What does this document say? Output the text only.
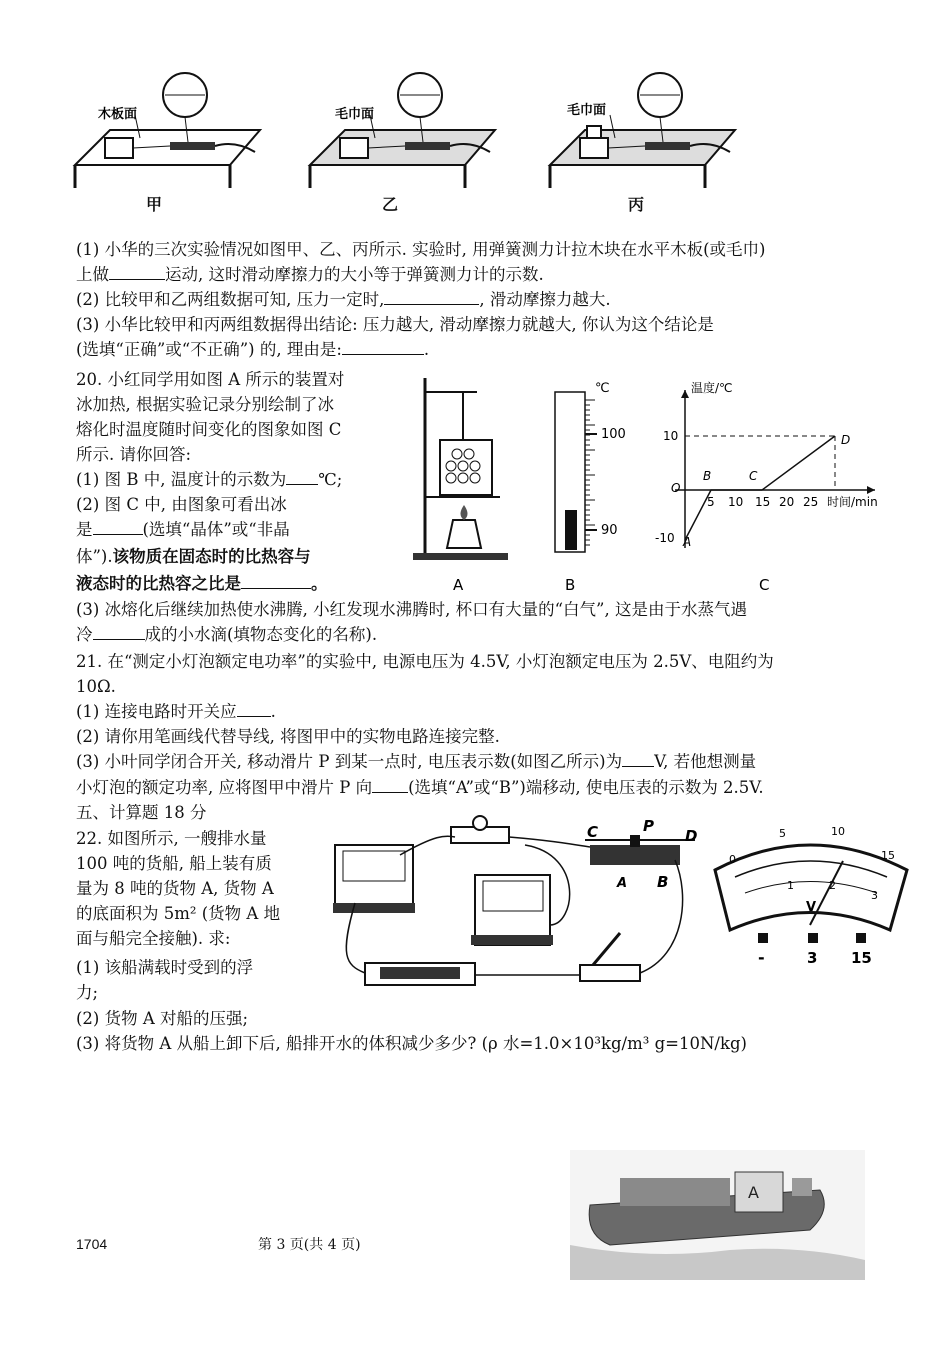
木板面	毛巾面	毛巾面
甲	乙	丙
(1) 小华的三次实验情况如图甲、乙、丙所示. 实验时, 用弹簧测力计拉木块在水平木板(或毛巾)
上做	运动, 这时滑动摩擦力的大小等于弹簧测力计的示数.
(2) 比较甲和乙两组数据可知, 压力一定时,	, 滑动摩擦力越大.
(3) 小华比较甲和丙两组数据得出结论: 压力越大, 滑动摩擦力就越大, 你认为这个结论是
(选填“正确”或“不正确”) 的, 理由是:	.
20. 小红同学用如图 A 所示的装置对
冰加热, 根据实验记录分别绘制了冰
熔化时温度随时间变化的图象如图 C
所示. 请你回答:
(1) 图 B 中, 温度计的示数为 ℃;
(2) 图 C 中, 由图象可看出冰
是	(选填“晶体”或“非晶
体”).该物质在固态时的比热容与
液态时的比热容之比是	。	A
℃
100
90
B
温度/℃
时间/min
10
-10
O
5 10 15 20 25
A
B	C
D
C
(3) 冰熔化后继续加热使水沸腾, 小红发现水沸腾时, 杯口有大量的“白气”, 这是由于水蒸气遇
冷	成的小水滴(填物态变化的名称).
21. 在“测定小灯泡额定电功率”的实验中, 电源电压为 4.5V, 小灯泡额定电压为 2.5V、电阻约为
10Ω.
(1) 连接电路时开关应 .
(2) 请你用笔画线代替导线, 将图甲中的实物电路连接完整.
(3) 小叶同学闭合开关, 移动滑片 P 到某一点时, 电压表示数(如图乙所示)为 V, 若他想测量
小灯泡的额定功率, 应将图甲中滑片 P 向 (选填“A”或“B”)端移动, 使电压表的示数为 2.5V.
五、计算题 18 分
22. 如图所示, 一艘排水量
100 吨的货船, 船上装有质
量为 8 吨的货物 A, 货物 A
的底面积为 5m² (货物 A 地
面与船完全接触). 求:
(1) 该船满载时受到的浮
力;
(2) 货物 A 对船的压强;
(3) 将货物 A 从船上卸下后, 船排开水的体积减少多少? (ρ 水=1.0×10³kg/m³ g=10N/kg)
C	P
D
A B
0
5	10
15
1	2
3
V
-	3 15
A
1704	第 3 页(共 4 页)
